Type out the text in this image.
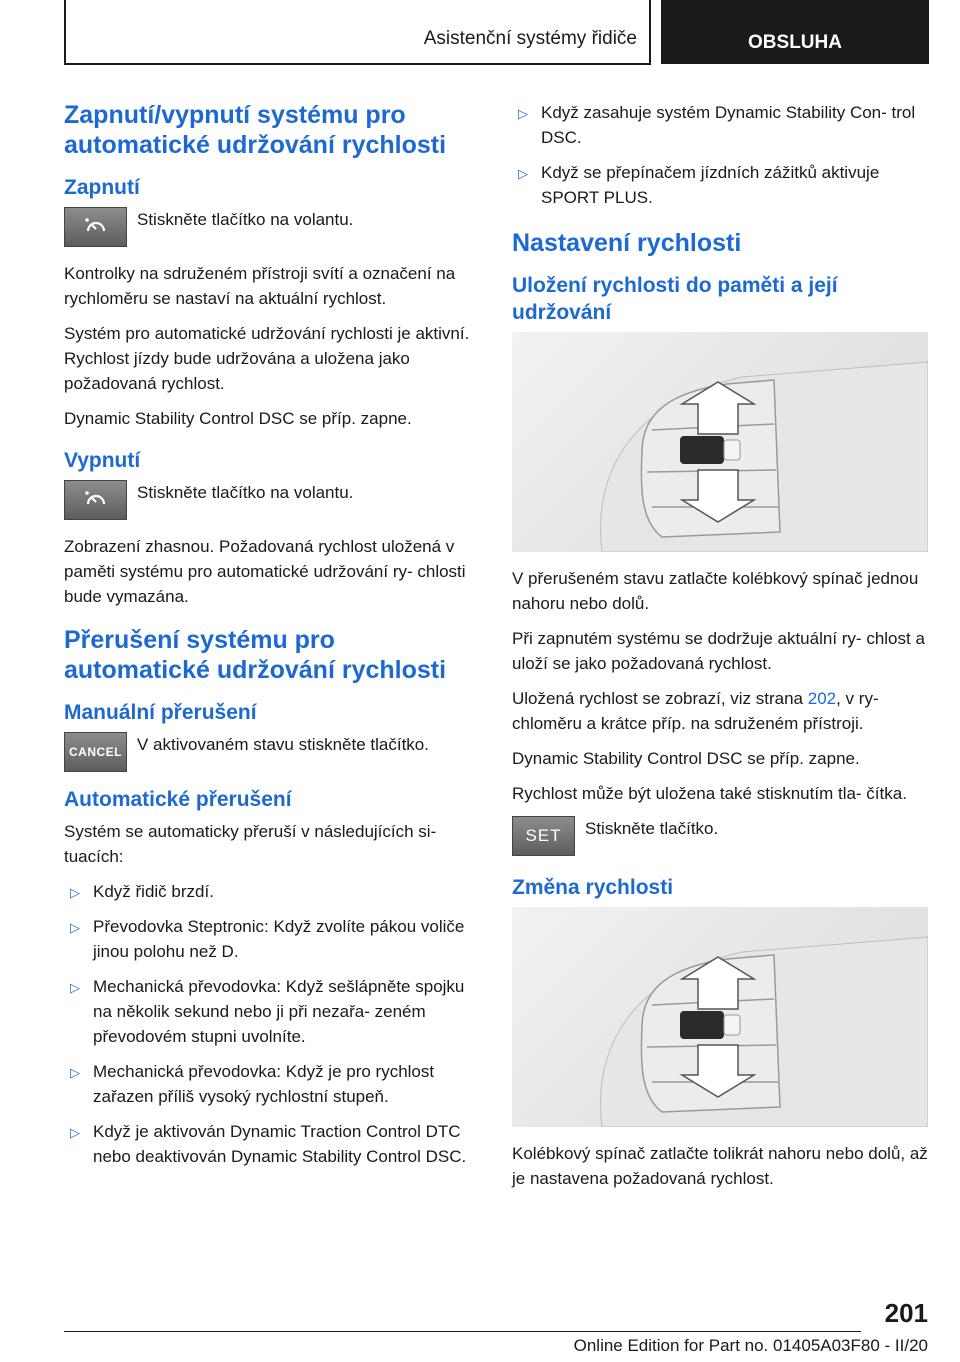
Asistenční systémy řidiče	OBSLUHA
Zapnutí/vypnutí systému pro automatické udržování rychlosti
Zapnutí

Stiskněte tlačítko na volantu.

Kontrolky na sdruženém přístroji svítí a označení na rychloměru se nastaví na aktuální rychlost.

Systém pro automatické udržování rychlosti je aktivní. Rychlost jízdy bude udržována a uložena jako požadovaná rychlost.

Dynamic Stability Control DSC se příp. zapne.

Vypnutí

Stiskněte tlačítko na volantu.

Zobrazení zhasnou. Požadovaná rychlost uložená v paměti systému pro automatické udržování ry‐ chlosti bude vymazána.

Přerušení systému pro automatické udržování rychlosti
Manuální přerušení
CANCEL V aktivovaném stavu stiskněte tlačítko.

Automatické přerušení

Systém se automaticky přeruší v následujících si‐ tuacích:

▷ Když řidič brzdí.
▷ Převodovka Steptronic: Když zvolíte pákou voliče jinou polohu než D.
▷ Mechanická převodovka: Když sešlápněte spojku na několik sekund nebo ji při nezařa‐ zeném převodovém stupni uvolníte.
▷ Mechanická převodovka: Když je pro rychlost zařazen příliš vysoký rychlostní stupeň.
▷ Když je aktivován Dynamic Traction Control DTC nebo deaktivován Dynamic Stability Control DSC.
▷ Když zasahuje systém Dynamic Stability Con‐ trol DSC.
▷ Když se přepínačem jízdních zážitků aktivuje SPORT PLUS.
Nastavení rychlosti
Uložení rychlosti do paměti a její udržování

V přerušeném stavu zatlačte kolébkový spínač jednou nahoru nebo dolů.

Při zapnutém systému se dodržuje aktuální ry‐ chlost a uloží se jako požadovaná rychlost.

Uložená rychlost se zobrazí, viz strana 202, v ry‐ chloměru a krátce příp. na sdruženém přístroji.

Dynamic Stability Control DSC se příp. zapne.

Rychlost může být uložena také stisknutím tla‐ čítka.

SET	Stiskněte tlačítko.

Změna rychlosti

Kolébkový spínač zatlačte tolikrát nahoru nebo dolů, až je nastavena požadovaná rychlost.

201
Online Edition for Part no. 01405A03F80 - II/20
